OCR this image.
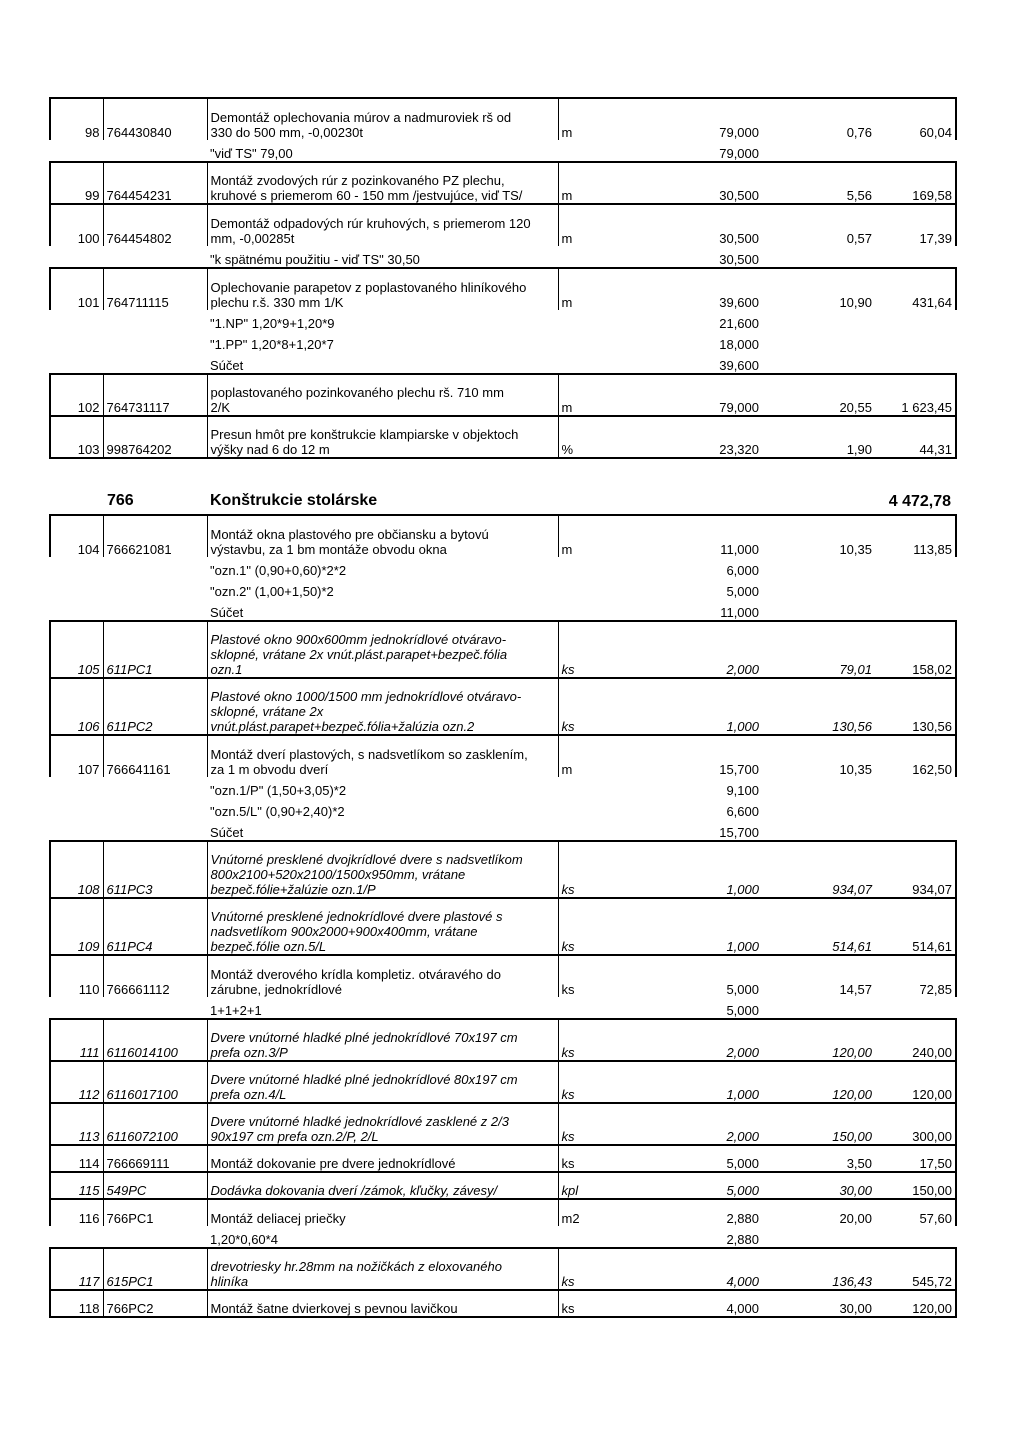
98	764430840	Demontáž oplechovania múrov a nadmuroviek rš od
330 do 500 mm, -0,00230t	m	79,000	0,76	60,04
		"viď TS" 79,00		79,000		
99	764454231	Montáž zvodových rúr z pozinkovaného PZ plechu,
kruhové s priemerom 60 - 150 mm /jestvujúce, viď TS/	m	30,500	5,56	169,58
100	764454802	Demontáž odpadových rúr kruhových, s priemerom 120
mm, -0,00285t	m	30,500	0,57	17,39
		"k spätnému použitiu - viď TS" 30,50		30,500		
101	764711115	Oplechovanie parapetov z poplastovaného hliníkového
plechu r.š. 330 mm 1/K	m	39,600	10,90	431,64
		"1.NP" 1,20*9+1,20*9		21,600		
		"1.PP" 1,20*8+1,20*7		18,000		
		Súčet		39,600		
102	764731117	poplastovaného pozinkovaného plechu rš. 710 mm
2/K	m	79,000	20,55	1 623,45
103	998764202	Presun hmôt pre konštrukcie klampiarske v objektoch
výšky nad 6 do 12 m	%	23,320	1,90	44,31
766	Konštrukcie stolárske	4 472,78
104	766621081	Montáž okna plastového pre občiansku a bytovú
výstavbu, za 1 bm montáže obvodu okna	m	11,000	10,35	113,85
		"ozn.1" (0,90+0,60)*2*2		6,000		
		"ozn.2" (1,00+1,50)*2		5,000		
		Súčet		11,000		
105	611PC1	Plastové okno 900x600mm jednokrídlové otváravo-
sklopné, vrátane 2x vnút.plást.parapet+bezpeč.fólia
ozn.1	ks	2,000	79,01	158,02
106	611PC2	Plastové okno 1000/1500 mm jednokrídlové otváravo-
sklopné, vrátane 2x
vnút.plást.parapet+bezpeč.fólia+žalúzia ozn.2	ks	1,000	130,56	130,56
107	766641161	Montáž dverí plastových, s nadsvetlíkom so zasklením,
za 1 m obvodu dverí	m	15,700	10,35	162,50
		"ozn.1/P" (1,50+3,05)*2		9,100		
		"ozn.5/L" (0,90+2,40)*2		6,600		
		Súčet		15,700		
108	611PC3	Vnútorné presklené dvojkrídlové dvere s nadsvetlíkom
800x2100+520x2100/1500x950mm, vrátane
bezpeč.fólie+žalúzie ozn.1/P	ks	1,000	934,07	934,07
109	611PC4	Vnútorné presklené jednokrídlové dvere plastové s
nadsvetlíkom 900x2000+900x400mm, vrátane
bezpeč.fólie ozn.5/L	ks	1,000	514,61	514,61
110	766661112	Montáž dverového krídla kompletiz. otváravého do
zárubne, jednokrídlové	ks	5,000	14,57	72,85
		1+1+2+1		5,000		
111	6116014100	Dvere vnútorné hladké plné jednokrídlové 70x197 cm
prefa ozn.3/P	ks	2,000	120,00	240,00
112	6116017100	Dvere vnútorné hladké plné jednokrídlové 80x197 cm
prefa ozn.4/L	ks	1,000	120,00	120,00
113	6116072100	Dvere vnútorné hladké jednokrídlové zasklené z 2/3
90x197 cm prefa ozn.2/P, 2/L	ks	2,000	150,00	300,00
114	766669111	Montáž dokovanie pre dvere jednokrídlové	ks	5,000	3,50	17,50
115	549PC	Dodávka dokovania dverí /zámok, kľučky, závesy/	kpl	5,000	30,00	150,00
116	766PC1	Montáž deliacej priečky	m2	2,880	20,00	57,60
		1,20*0,60*4		2,880		
117	615PC1	drevotriesky hr.28mm na nožičkách z eloxovaného
hliníka	ks	4,000	136,43	545,72
118	766PC2	Montáž šatne dvierkovej s pevnou lavičkou	ks	4,000	30,00	120,00
